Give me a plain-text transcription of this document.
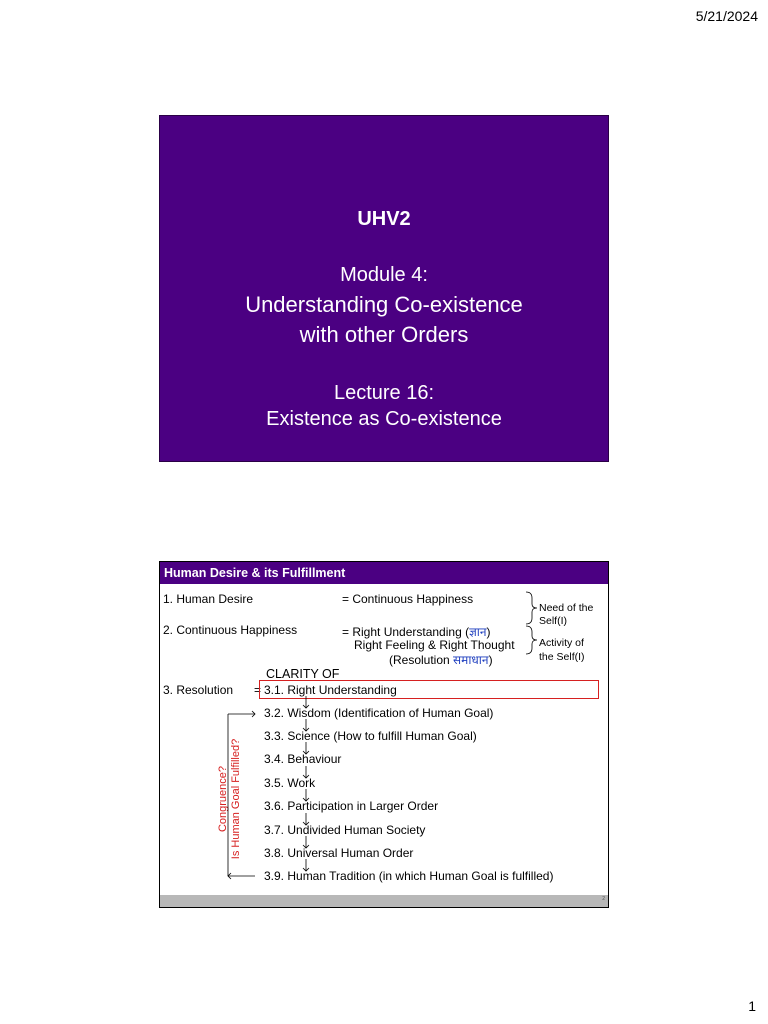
5/21/2024
UHV2
Module 4:
Understanding Co-existence
with other Orders
Lecture 16:
Existence as Co-existence
Human Desire & its Fulfillment
1. Human Desire	= Continuous Happiness
2. Continuous Happiness	= Right Understanding (ज्ञान)
Right Feeling & Right Thought
(Resolution समाधान)
Need of the
Self(I)
Activity of
the Self(I)
CLARITY OF
3. Resolution = 3.1. Right Understanding
3.2. Wisdom (Identification of Human Goal)
3.3. Science (How to fulfill Human Goal)
3.4. Behaviour
3.5. Work
3.6. Participation in Larger Order
3.7. Undivided Human Society
3.8. Universal Human Order
3.9. Human Tradition (in which Human Goal is fulfilled)
Congruence? Is Human Goal Fulfilled?
2
1
